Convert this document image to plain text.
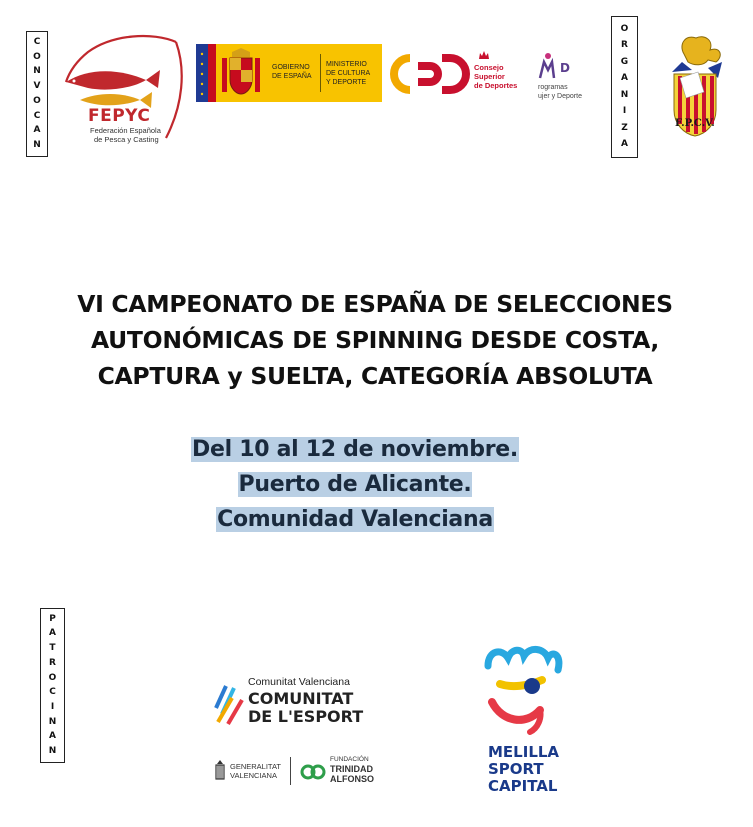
C
O
N
V
O
C
A
N
O
R
G
A
N
I
Z
A
P
A
T
R
O
C
I
N
A
N
FEPYC
Federación Española
de Pesca y Casting
GOBIERNO
DE ESPAÑA
MINISTERIO
DE CULTURA
Y DEPORTE
Consejo
Superior
de Deportes
D
rogramas
ujer y Deporte
F.P.C.V.
VI CAMPEONATO DE ESPAÑA DE SELECCIONES
AUTONÓMICAS DE SPINNING DESDE COSTA,
CAPTURA y SUELTA, CATEGORÍA ABSOLUTA
Del 10 al 12 de noviembre.
Puerto de Alicante.
Comunidad Valenciana
Comunitat Valenciana
COMUNITAT
DE L'ESPORT
GENERALITAT
VALENCIANA
FUNDACIÓN
TRINIDAD
ALFONSO
MELILLA
SPORT
CAPITAL
